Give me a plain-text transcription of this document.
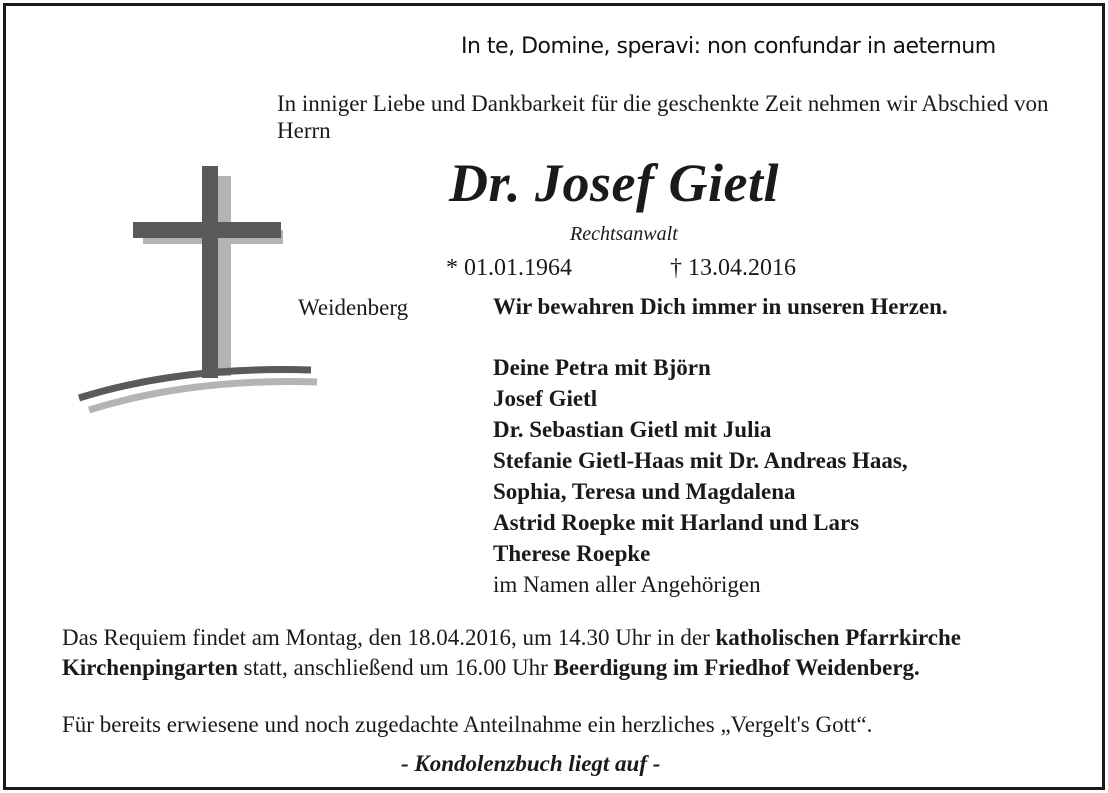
In te, Domine, speravi: non confundar in aeternum
In inniger Liebe und Dankbarkeit für die geschenkte Zeit nehmen wir Abschied von Herrn
Dr. Josef Gietl
Rechtsanwalt
* 01.01.1964	† 13.04.2016
Weidenberg	Wir bewahren Dich immer in unseren Herzen.
Deine Petra mit Björn
Josef Gietl
Dr. Sebastian Gietl mit Julia
Stefanie Gietl-Haas mit Dr. Andreas Haas,
Sophia, Teresa und Magdalena
Astrid Roepke mit Harland und Lars
Therese Roepke
im Namen aller Angehörigen
Das Requiem findet am Montag, den 18.04.2016, um 14.30 Uhr in der katholischen Pfarrkirche Kirchenpingarten statt, anschließend um 16.00 Uhr Beerdigung im Friedhof Weidenberg.
Für bereits erwiesene und noch zugedachte Anteilnahme ein herzliches „Vergelt's Gott“.
- Kondolenzbuch liegt auf -
